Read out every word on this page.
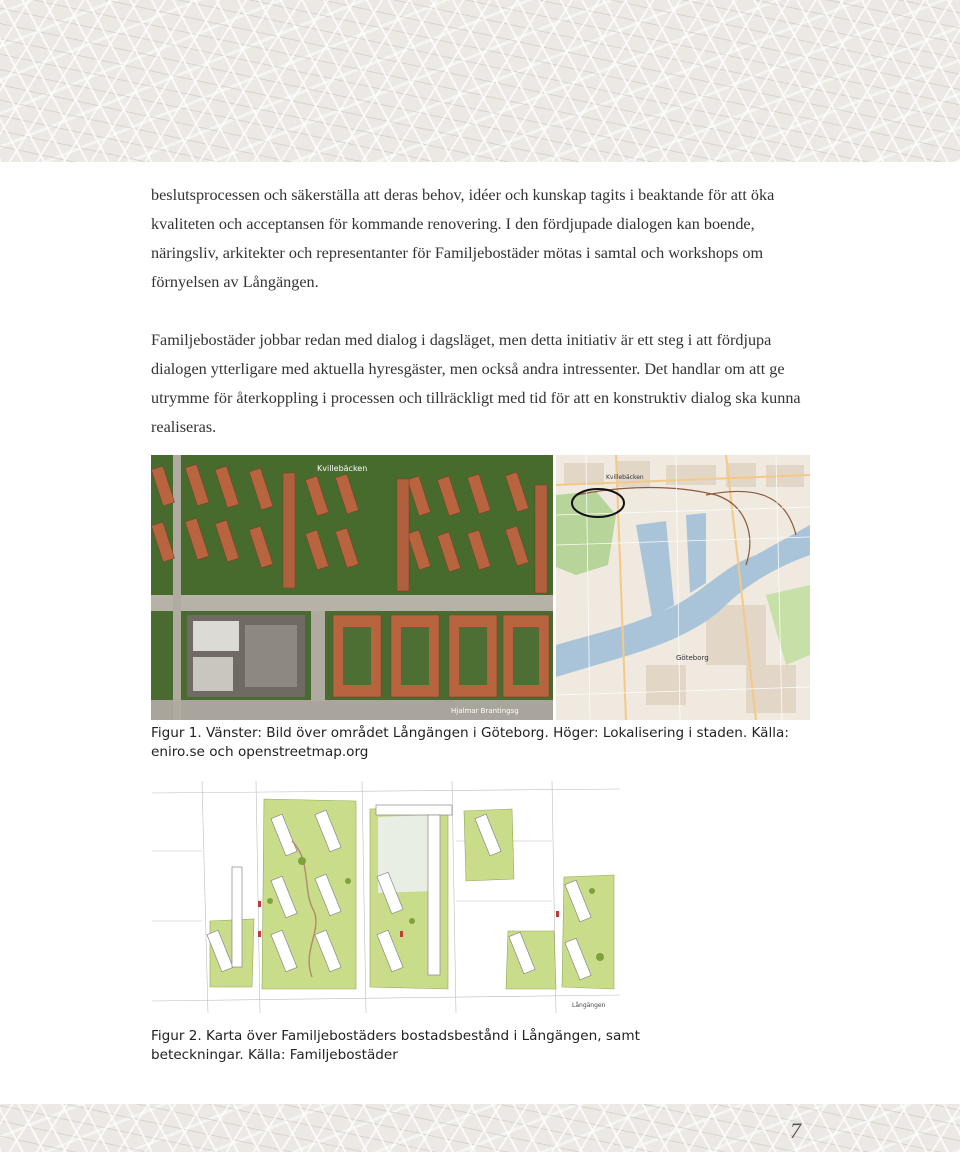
beslutsprocessen och säkerställa att deras behov, idéer och kunskap tagits i beaktande för att öka kvaliteten och acceptansen för kommande renovering. I den fördjupade dialogen kan boende, näringsliv, arkitekter och representanter för Familjebostäder mötas i samtal och workshops om förnyelsen av Långängen.

Familjebostäder jobbar redan med dialog i dagsläget, men detta initiativ är ett steg i att fördjupa dialogen ytterligare med aktuella hyresgäster, men också andra intressenter. Det handlar om att ge utrymme för återkoppling i processen och tillräckligt med tid för att en konstruktiv dialog ska kunna realiseras.

Kvillebäcken
Hjalmar Brantingsg
Göteborg
Kvillebäcken

Figur 1. Vänster: Bild över området Långängen i Göteborg. Höger: Lokalisering i staden. Källa: eniro.se och openstreetmap.org

Långängen

Figur 2. Karta över Familjebostäders bostadsbestånd i Långängen, samt beteckningar. Källa: Familjebostäder

7
